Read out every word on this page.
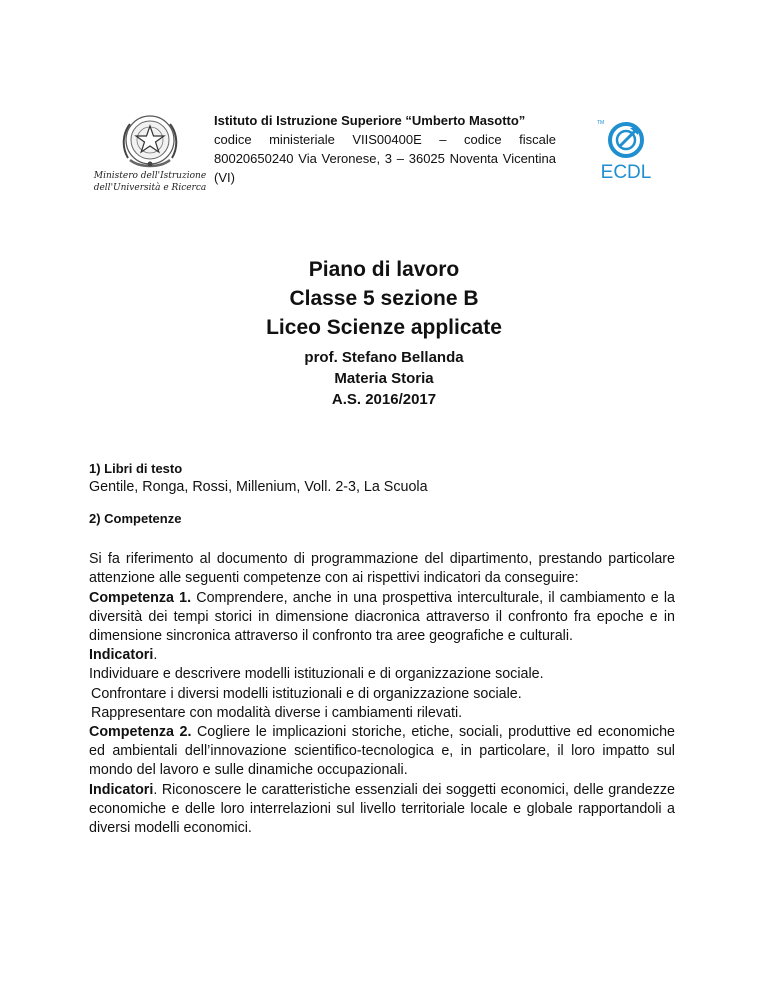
Ministero dell'Istruzione
dell'Università e Ricerca
Istituto di Istruzione Superiore “Umberto Masotto”
codice ministeriale VIIS00400E – codice fiscale 80020650240 Via Veronese, 3 – 36025 Noventa Vicentina (VI)
TM
ECDL
Piano di lavoro
Classe 5 sezione B
Liceo Scienze applicate
prof. Stefano Bellanda
Materia Storia
A.S. 2016/2017
1) Libri di testo

Gentile, Ronga, Rossi, Millenium, Voll. 2-3, La Scuola

2) Competenze

Si fa riferimento al documento di programmazione del dipartimento, prestando particolare attenzione alle seguenti competenze con ai rispettivi indicatori da conseguire:

Competenza 1. Comprendere, anche in una prospettiva interculturale, il cambiamento e la diversità dei tempi storici in dimensione diacronica attraverso il confronto fra epoche e in dimensione sincronica attraverso il confronto tra aree geografiche e culturali.

Indicatori.

Individuare e descrivere modelli istituzionali e di organizzazione sociale.

Confrontare i diversi modelli istituzionali e di organizzazione sociale.

Rappresentare con modalità diverse i cambiamenti rilevati.

Competenza 2. Cogliere le implicazioni storiche, etiche, sociali, produttive ed economiche ed ambientali dell’innovazione scientifico-tecnologica e, in particolare, il loro impatto sul mondo del lavoro e sulle dinamiche occupazionali.

Indicatori. Riconoscere le caratteristiche essenziali dei soggetti economici, delle grandezze economiche e delle loro interrelazioni sul livello territoriale locale e globale rapportandoli a diversi modelli economici.
